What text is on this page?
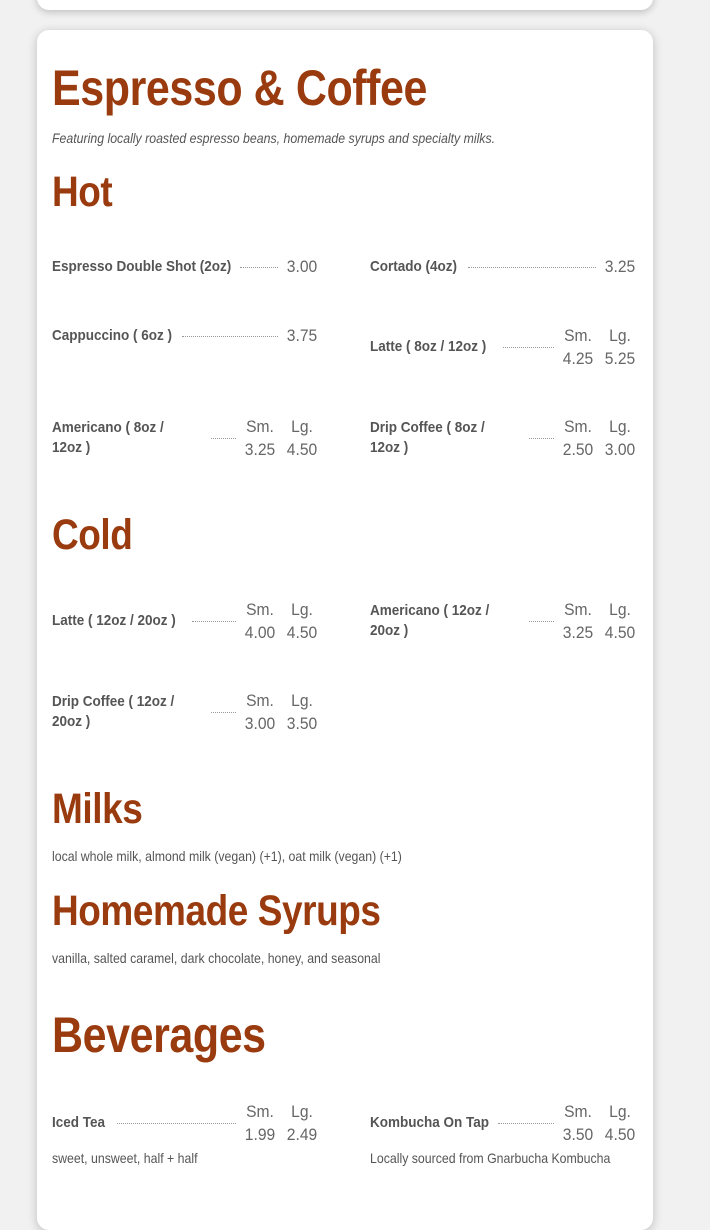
Espresso & Coffee
Featuring locally roasted espresso beans, homemade syrups and specialty milks.
Hot
Espresso Double Shot (2oz)	3.00	Cortado (4oz)	3.25
Cappuccino ( 6oz )	3.75
Latte ( 8oz / 12oz )
Sm.	Lg.
4.25 5.25
Americano ( 8oz / 12oz )
Sm.	Lg.
3.25 4.50
Drip Coffee ( 8oz / 12oz )
Sm.	Lg.
2.50 3.00
Cold
Latte ( 12oz / 20oz )
Sm.	Lg.
4.00 4.50
Americano ( 12oz / 20oz )
Sm.	Lg.
3.25 4.50
Drip Coffee ( 12oz / 20oz )
Sm.	Lg.
3.00 3.50
Milks
local whole milk, almond milk (vegan) (+1), oat milk (vegan) (+1)
Homemade Syrups
vanilla, salted caramel, dark chocolate, honey, and seasonal
Beverages
Iced Tea
Sm.	Lg.
1.99 2.49
sweet, unsweet, half + half
Kombucha On Tap
Sm.	Lg.
3.50 4.50
Locally sourced from Gnarbucha Kombucha
